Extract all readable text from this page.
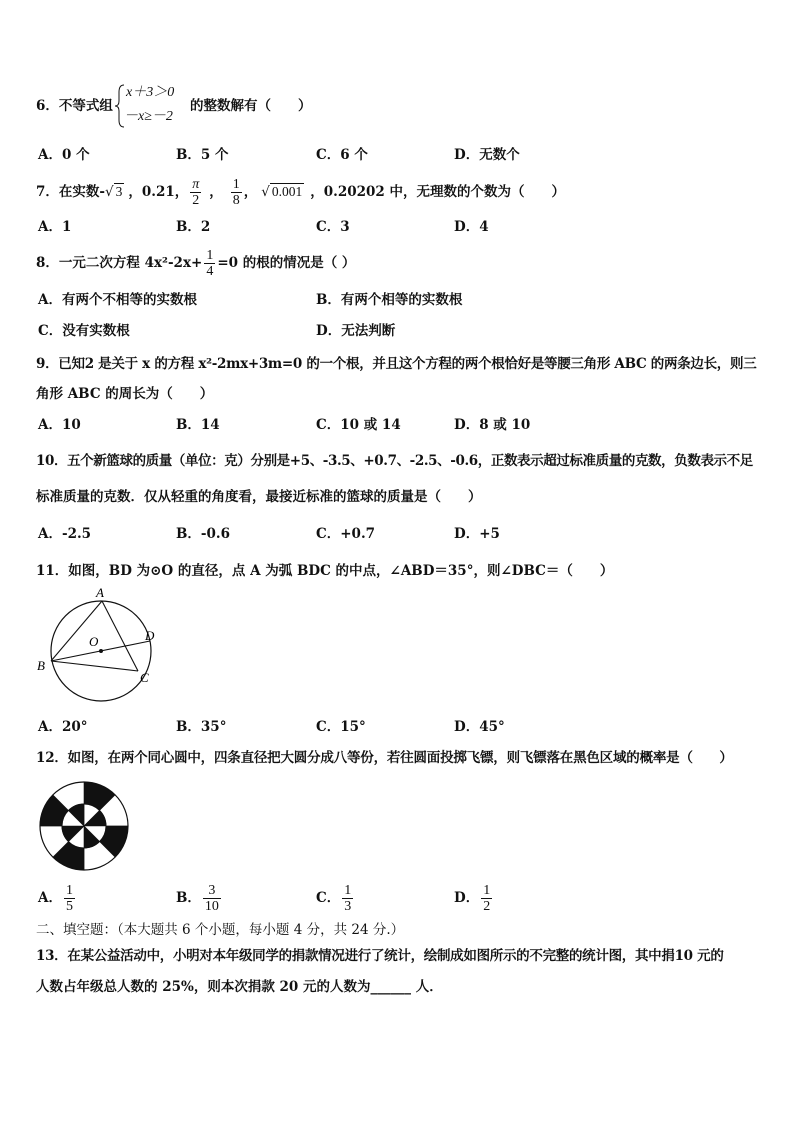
6．不等式组
x＋3＞0
－x≥－2
的整数解有（　　）
A．0 个	B．5 个	C．6 个	D．无数个
7．在实数- √ 3 ，0.21， $\frac{\pi}{2}$ ， $\frac{1}{8}$ ， √ 0.001 ，0.20202 中，无理数的个数为（　　）
A．1	B．2	C．3	D．4
8．一元二次方程 $4x^2-2x+ \frac{1}{4} =0$ 的根的情况是（ ）
A．有两个不相等的实数根	B．有两个相等的实数根
C．没有实数根	D．无法判断
9．已知2 是关于 x 的方程 x²-2mx+3m=0 的一个根，并且这个方程的两个根恰好是等腰三角形 ABC 的两条边长，则三
角形 ABC 的周长为（　　）
A．10	B．14	C．10 或 14	D．8 或 10
10．五个新篮球的质量（单位：克）分别是+5、-3.5、+0.7、-2.5、-0.6，正数表示超过标准质量的克数，负数表示不足
标准质量的克数．仅从轻重的角度看，最接近标准的篮球的质量是（　　）
A．-2.5	B．-0.6	C．+0.7	D．+5
11．如图，BD 为⊙O 的直径，点 A 为弧 BDC 的中点，∠ABD＝35°，则∠DBC＝（　　）
A
B
C
D
O
A．20°	B．35°	C．15°	D．45°
12．如图，在两个同心圆中，四条直径把大圆分成八等份，若往圆面投掷飞镖，则飞镖落在黑色区域的概率是（　　）
A． $\frac{1}{5}$	B． $\frac{3}{10}$	C． $\frac{1}{3}$	D． $\frac{1}{2}$
二、填空题：（本大题共 6 个小题，每小题 4 分，共 24 分.）
13．在某公益活动中，小明对本年级同学的捐款情况进行了统计，绘制成如图所示的不完整的统计图，其中捐10 元的
人数占年级总人数的 25%，则本次捐款 20 元的人数为______ 人．
